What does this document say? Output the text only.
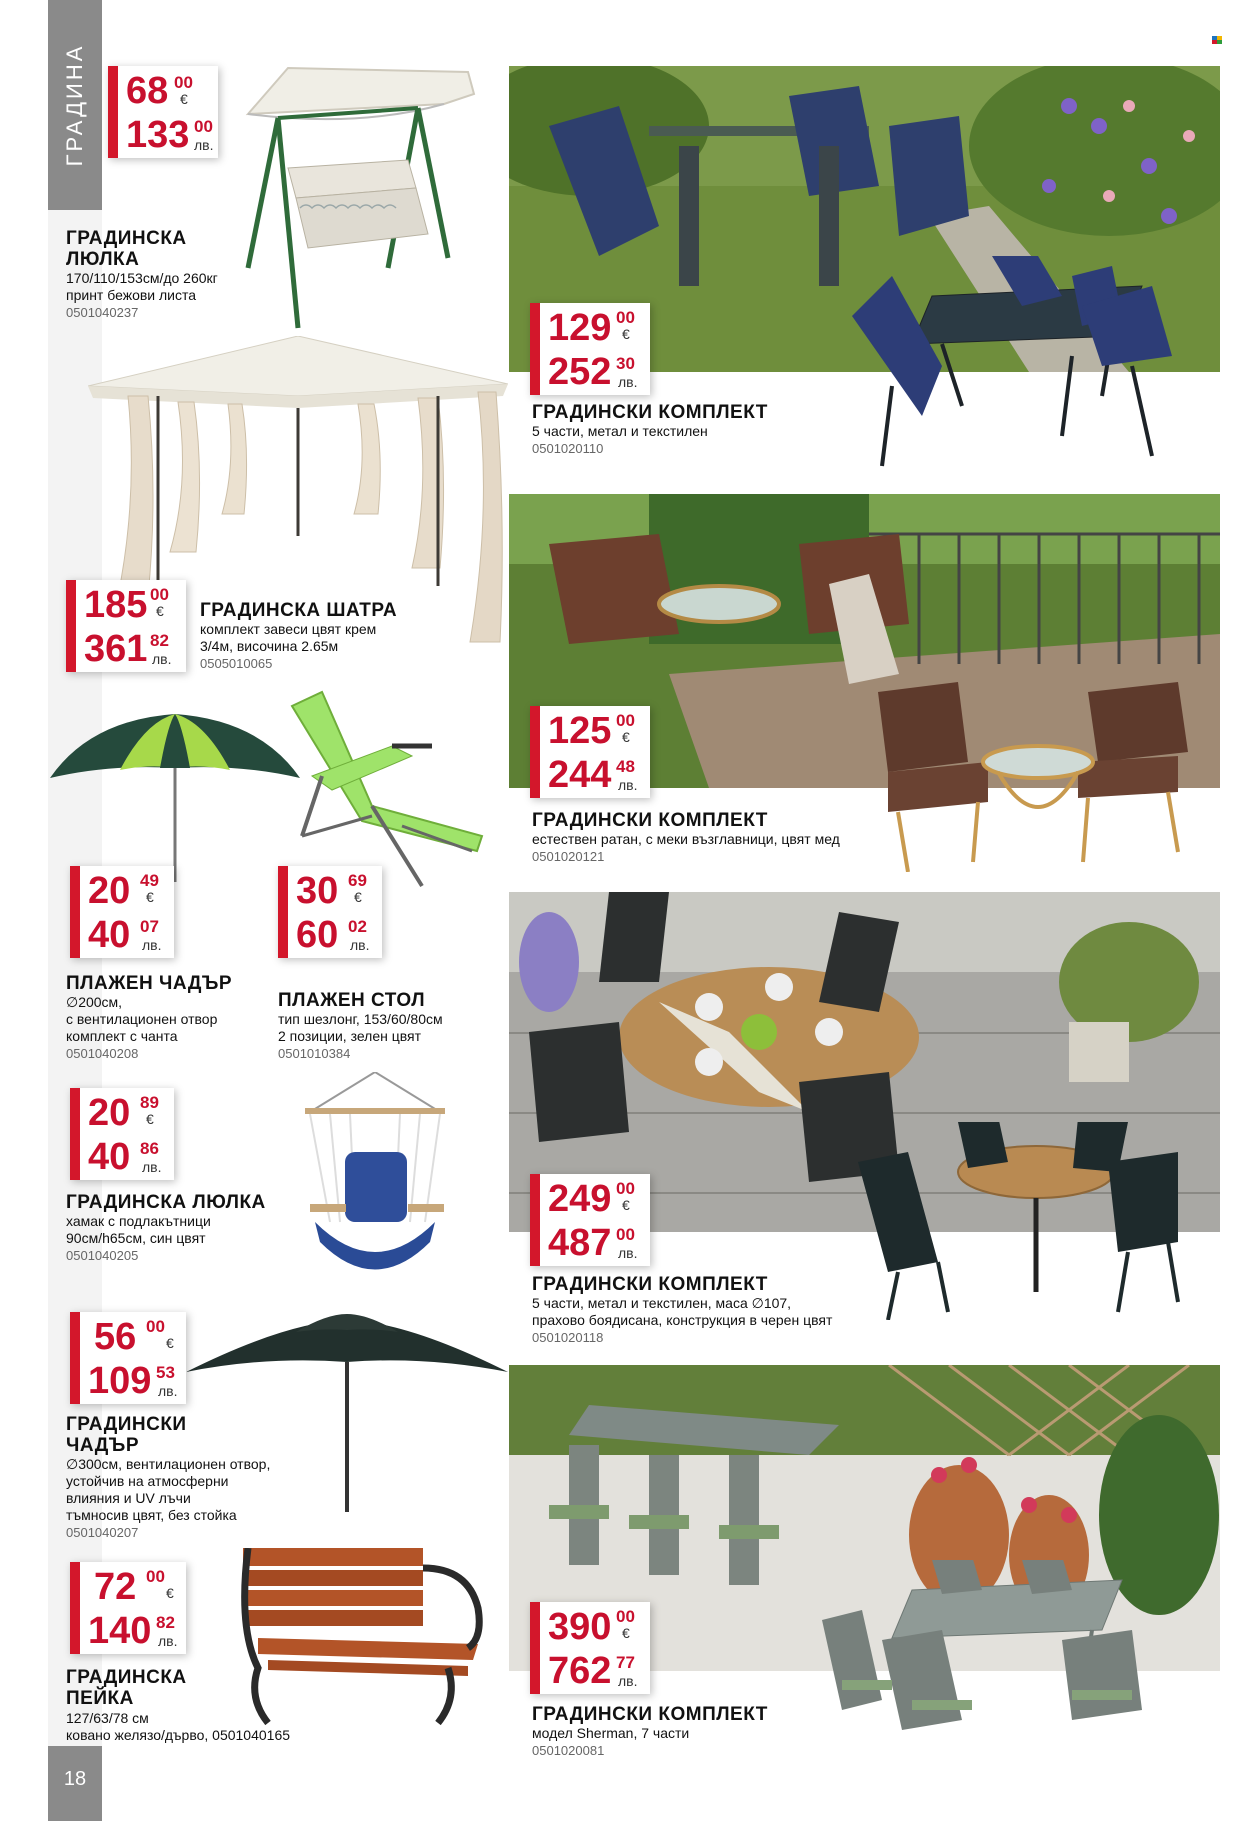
ГРАДИНА
18
68 00
€
133 00
лв.
185 00
€
361 82
лв.
20 49
€
40 07
лв.
30 69
€
60 02
лв.
20 89
€
40 86
лв.
56 00
€
109 53
лв.
72 00
€
140 82
лв.
129 00
€
252 30
лв.
125 00
€
244 48
лв.
249 00
€
487 00
лв.
390 00
€
762 77
лв.
ГРАДИНСКА ЛЮЛКА
170/110/153см/до 260кг
принт бежови листа
0501040237
ГРАДИНСКА ШАТРА
комплект завеси цвят крем
3/4м, височина 2.65м
0505010065
ПЛАЖЕН ЧАДЪР
∅200см,
с вентилационен отвор
комплект с чанта
0501040208
ПЛАЖЕН СТОЛ
тип шезлонг, 153/60/80см
2 позиции, зелен цвят
0501010384
ГРАДИНСКА ЛЮЛКА
хамак с подлакътници
90см/h65см, син цвят
0501040205
ГРАДИНСКИ ЧАДЪР
∅300см, вентилационен отвор,
устойчив на атмосферни
влияния и UV лъчи
тъмносив цвят, без стойка
0501040207
ГРАДИНСКА ПЕЙКА
127/63/78 см
ковано желязо/дърво, 0501040165
ГРАДИНСКИ КОМПЛЕКТ
5 части, метал и текстилен
0501020110
ГРАДИНСКИ КОМПЛЕКТ
естествен ратан, с меки възглавници, цвят мед
0501020121
ГРАДИНСКИ КОМПЛЕКТ
5 части, метал и текстилен, маса ∅107,
прахово боядисана, конструкция в черен цвят
0501020118
ГРАДИНСКИ КОМПЛЕКТ
модел Sherman, 7 части
0501020081
